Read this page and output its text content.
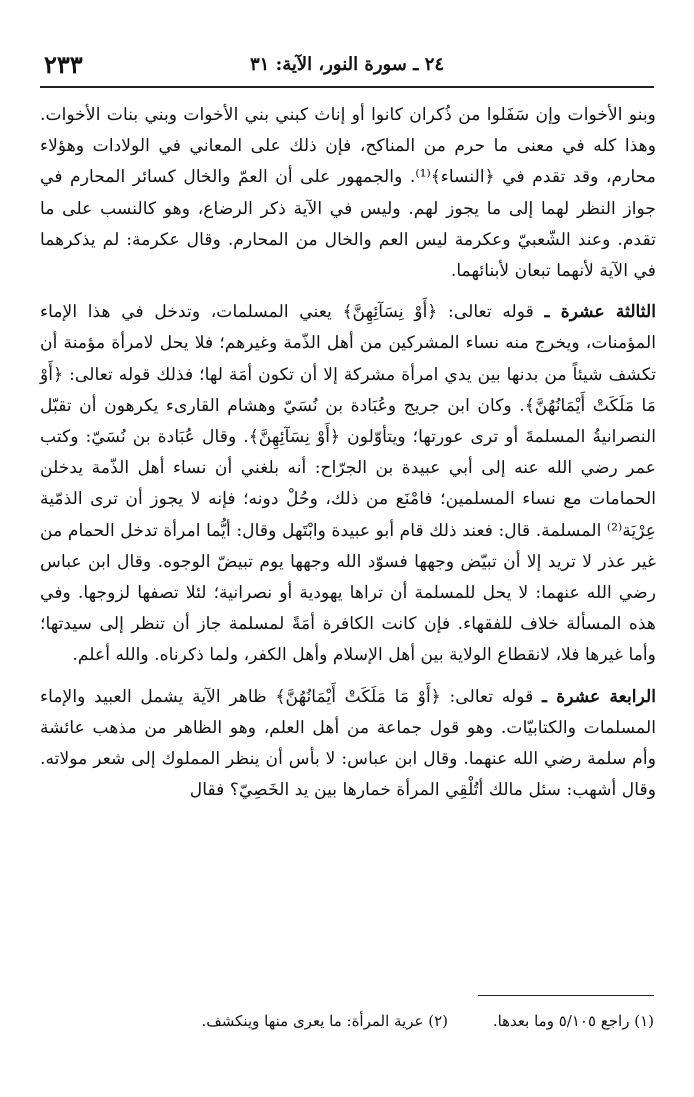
٢٤ ـ سورة النور، الآية: ٣١
٢٣٣

وبنو الأخوات وإن سَفَلوا من ذُكران كانوا أو إناث كبني بني الأخوات وبني بنات الأخوات. وهذا كله في معنى ما حرم من المناكح، فإن ذلك على المعاني في الولادات وهؤلاء محارم، وقد تقدم في ﴿النساء﴾⁽¹⁾. والجمهور على أن العمّ والخال كسائر المحارم في جواز النظر لهما إلى ما يجوز لهم. وليس في الآية ذكر الرضاع، وهو كالنسب على ما تقدم. وعند الشّعبيّ وعكرمة ليس العم والخال من المحارم. وقال عكرمة: لم يذكرهما في الآية لأنهما تبعان لأبنائهما.

الثالثة عشرة ـ قوله تعالى: ﴿أَوْ نِسَآئِهِنَّ﴾ يعني المسلمات، وتدخل في هذا الإماء المؤمنات، ويخرج منه نساء المشركين من أهل الذّمة وغيرهم؛ فلا يحل لامرأة مؤمنة أن تكشف شيئاً من بدنها بين يدي امرأة مشركة إلا أن تكون أمَة لها؛ فذلك قوله تعالى: ﴿أَوْ مَا مَلَكَتْ أَيْمَانُهُنَّ﴾. وكان ابن جريج وعُبَادة بن نُسَيّ وهشام القارىء يكرهون أن تقبّل النصرانيةُ المسلمةَ أو ترى عورتها؛ ويتأوّلون ﴿أَوْ نِسَآئِهِنَّ﴾. وقال عُبَادة بن نُسَيّ: وكتب عمر رضي الله عنه إلى أبي عبيدة بن الجرّاح: أنه بلغني أن نساء أهل الذّمة يدخلن الحمامات مع نساء المسلمين؛ فامْنَع من ذلك، وحُلْ دونه؛ فإنه لا يجوز أن ترى الذمّية عِرْيَة⁽²⁾ المسلمة. قال: فعند ذلك قام أبو عبيدة وابْتَهل وقال: أيُّما امرأة تدخل الحمام من غير عذر لا تريد إلا أن تبيّض وجهها فسوّد الله وجهها يوم تبيضّ الوجوه. وقال ابن عباس رضي الله عنهما: لا يحل للمسلمة أن تراها يهودية أو نصرانية؛ لئلا تصفها لزوجها. وفي هذه المسألة خلاف للفقهاء. فإن كانت الكافرة أمَةً لمسلمة جاز أن تنظر إلى سيدتها؛ وأما غيرها فلا، لانقطاع الولاية بين أهل الإسلام وأهل الكفر، ولما ذكرناه. والله أعلم.

الرابعة عشرة ـ قوله تعالى: ﴿أَوْ مَا مَلَكَتْ أَيْمَانُهُنَّ﴾ ظاهر الآية يشمل العبيد والإماء المسلمات والكتابيّات. وهو قول جماعة من أهل العلم، وهو الظاهر من مذهب عائشة وأم سلمة رضي الله عنهما. وقال ابن عباس: لا بأس أن ينظر المملوك إلى شعر مولاته. وقال أشهب: سئل مالك أتُلْقِي المرأة خمارها بين يد الخَصِيّ؟ فقال

(١) راجع ٥/١٠٥ وما بعدها. (٢) عرية المرأة: ما يعرى منها وينكشف.
